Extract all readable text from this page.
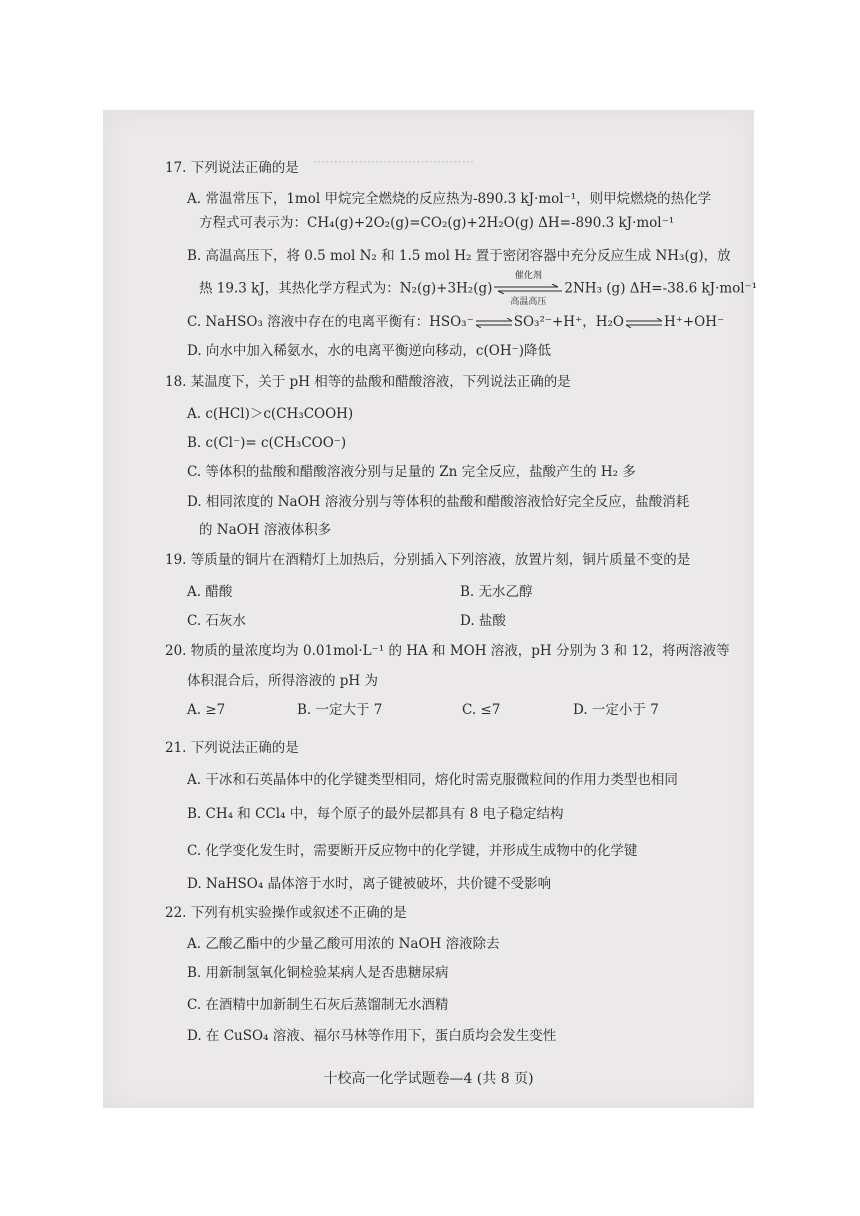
·······································
17. 下列说法正确的是
A. 常温常压下，1mol 甲烷完全燃烧的反应热为-890.3 kJ·mol⁻¹，则甲烷燃烧的热化学
方程式可表示为：CH₄(g)+2O₂(g)=CO₂(g)+2H₂O(g) ΔH=-890.3 kJ·mol⁻¹
B. 高温高压下，将 0.5 mol N₂ 和 1.5 mol H₂ 置于密闭容器中充分反应生成 NH₃(g)，放
热 19.3 kJ，其热化学方程式为：N₂(g)+3H₂(g)
催化剂
高温高压
2NH₃ (g) ΔH=-38.6 kJ·mol⁻¹
C. NaHSO₃ 溶液中存在的电离平衡有：HSO₃⁻⇌SO₃²⁻+H⁺，H₂O⇌H⁺+OH⁻
D. 向水中加入稀氨水，水的电离平衡逆向移动，c(OH⁻)降低
18. 某温度下，关于 pH 相等的盐酸和醋酸溶液，下列说法正确的是
A. c(HCl)＞c(CH₃COOH)
B. c(Cl⁻)= c(CH₃COO⁻)
C. 等体积的盐酸和醋酸溶液分别与足量的 Zn 完全反应，盐酸产生的 H₂ 多
D. 相同浓度的 NaOH 溶液分别与等体积的盐酸和醋酸溶液恰好完全反应，盐酸消耗
的 NaOH 溶液体积多
19. 等质量的铜片在酒精灯上加热后，分别插入下列溶液，放置片刻，铜片质量不变的是
A. 醋酸	B. 无水乙醇
C. 石灰水	D. 盐酸
20. 物质的量浓度均为 0.01mol·L⁻¹ 的 HA 和 MOH 溶液，pH 分别为 3 和 12，将两溶液等
体积混合后，所得溶液的 pH 为
A. ≥7	B. 一定大于 7	C. ≤7	D. 一定小于 7
21. 下列说法正确的是
A. 干冰和石英晶体中的化学键类型相同，熔化时需克服微粒间的作用力类型也相同
B. CH₄ 和 CCl₄ 中，每个原子的最外层都具有 8 电子稳定结构
C. 化学变化发生时，需要断开反应物中的化学键，并形成生成物中的化学键
D. NaHSO₄ 晶体溶于水时，离子键被破坏，共价键不受影响
22. 下列有机实验操作或叙述不正确的是
A. 乙酸乙酯中的少量乙酸可用浓的 NaOH 溶液除去
B. 用新制氢氧化铜检验某病人是否患糖尿病
C. 在酒精中加新制生石灰后蒸馏制无水酒精
D. 在 CuSO₄ 溶液、福尔马林等作用下，蛋白质均会发生变性
十校高一化学试题卷—4 (共 8 页)
